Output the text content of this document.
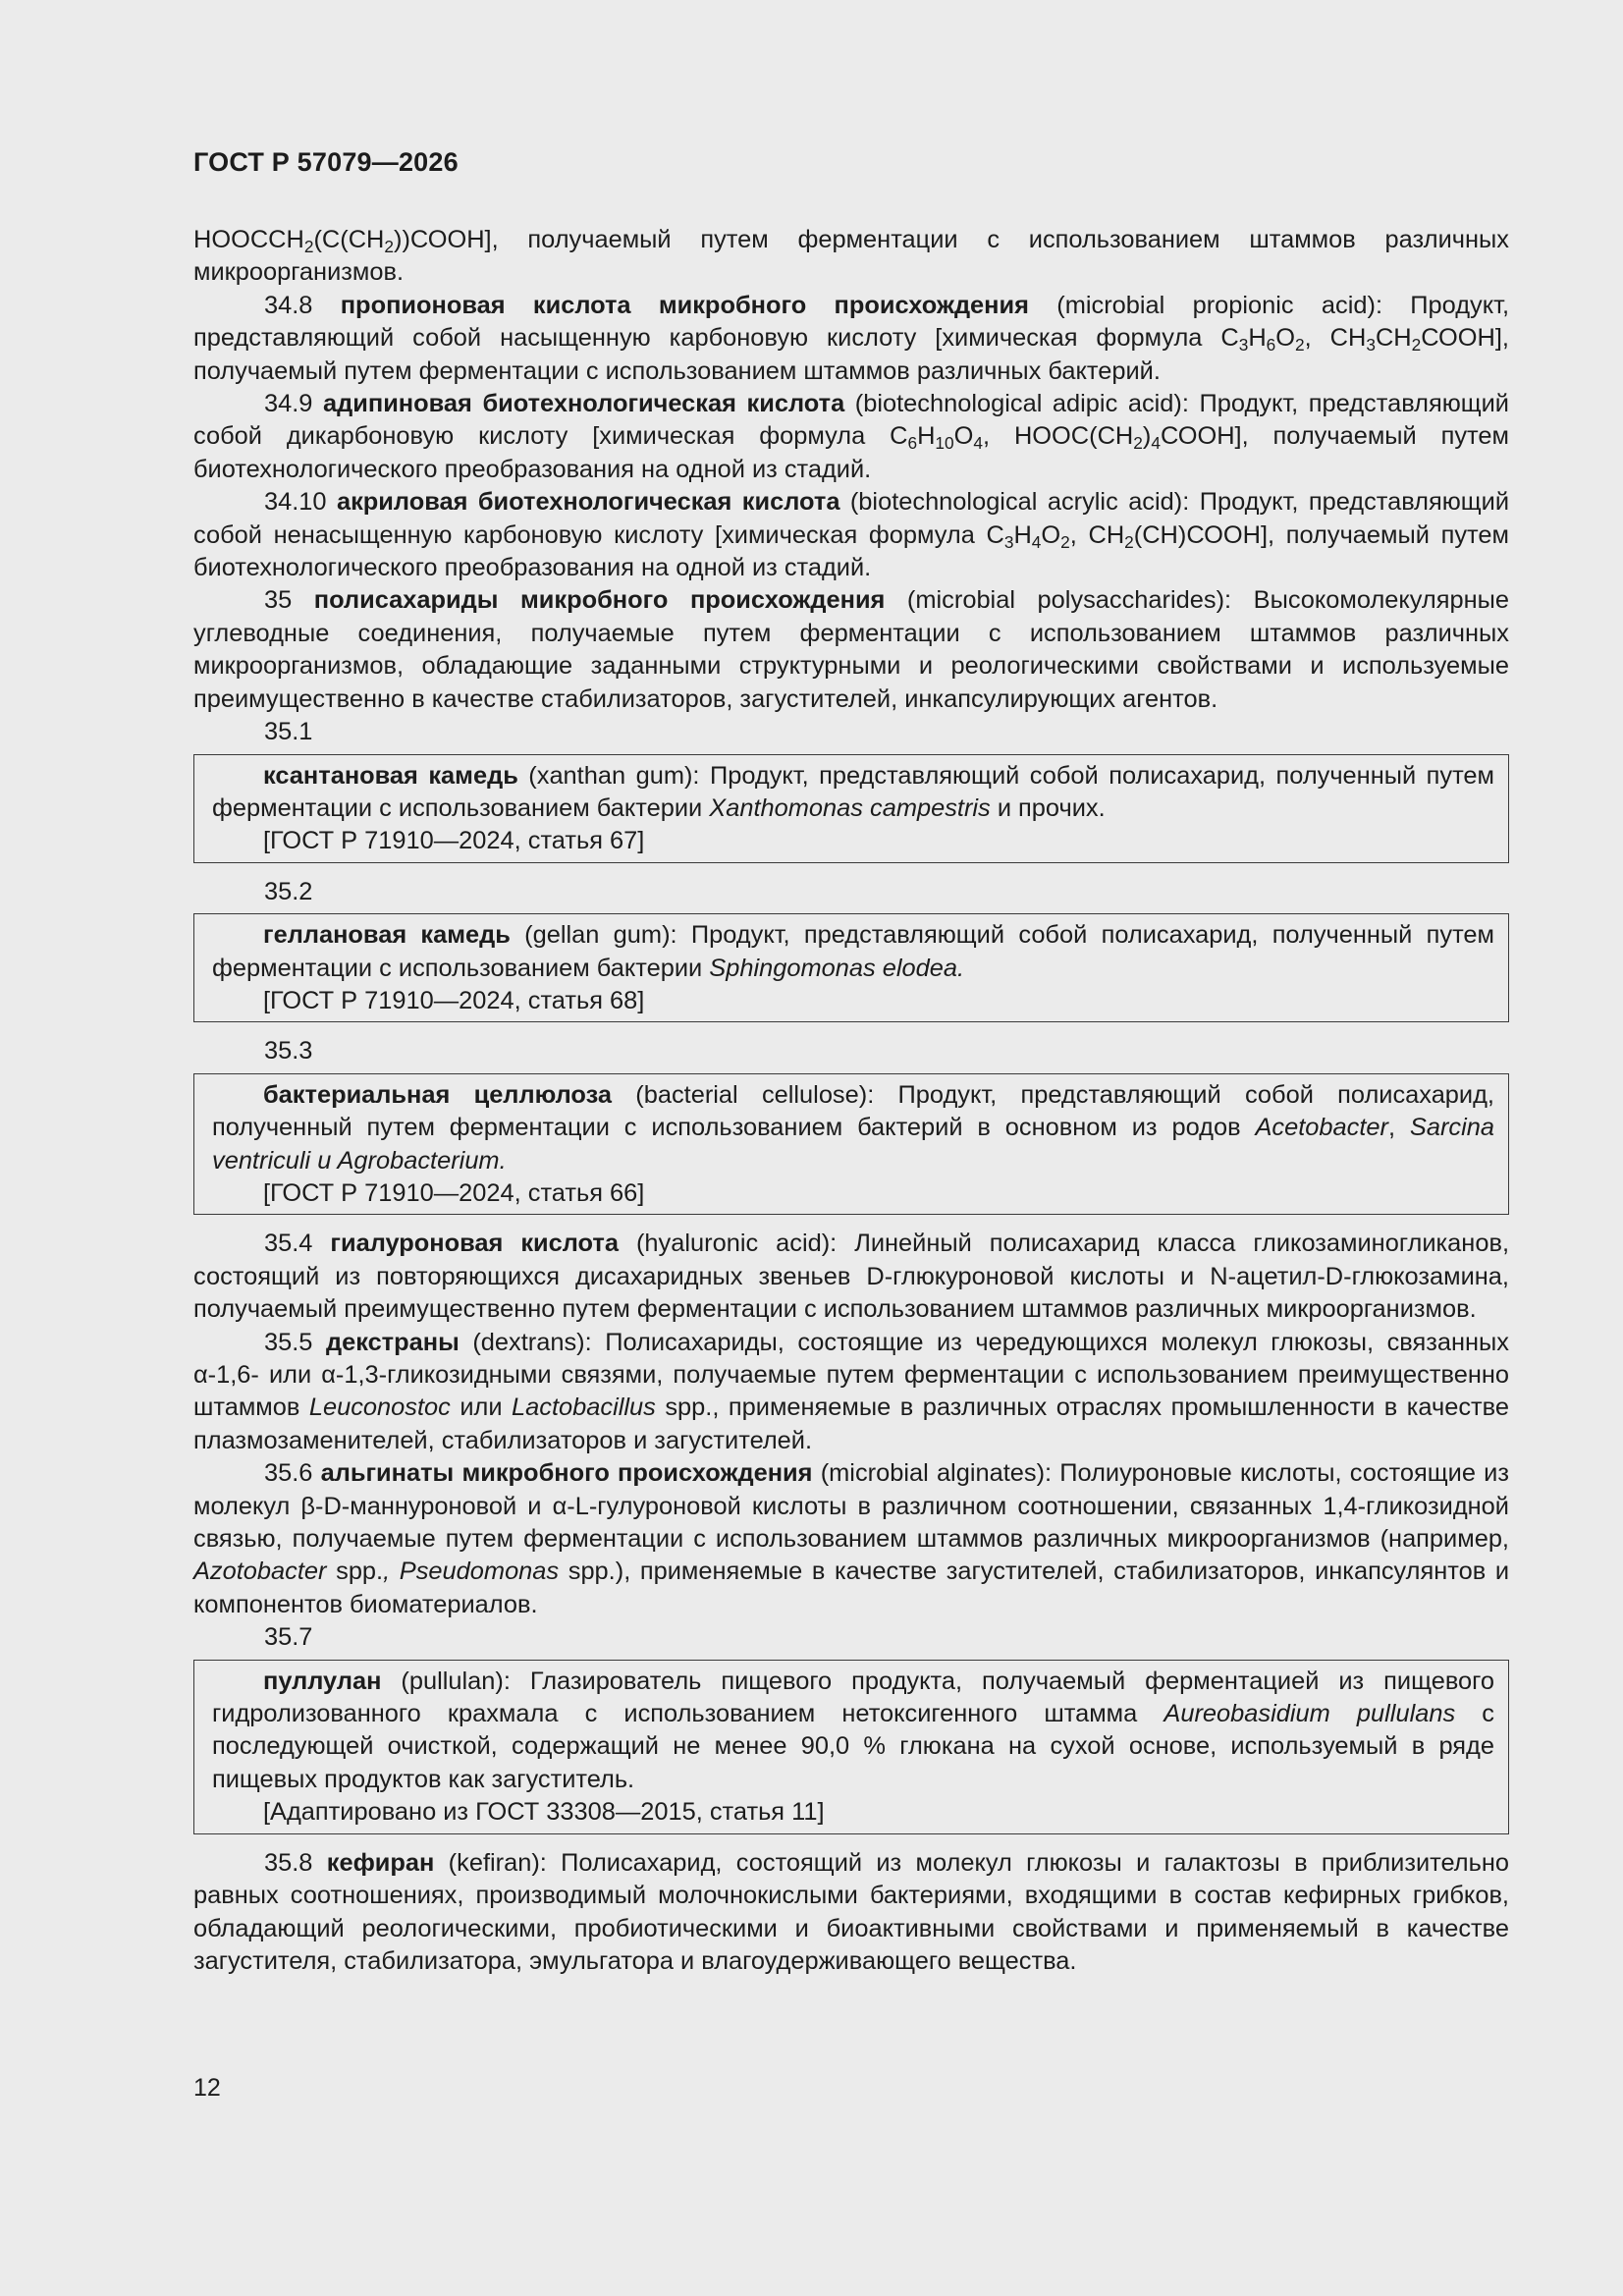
ГОСТ Р 57079—2026

$НООССН_2(С(СН_2))СООН$], получаемый путем ферментации с использованием штаммов различных микроорганизмов.

34.8 пропионовая кислота микробного происхождения (microbial propionic acid): Продукт, представляющий собой насыщенную карбоновую кислоту [химическая формула $С_3Н_6О_2$, $СН_3СН_2СООН$], получаемый путем ферментации с использованием штаммов различных бактерий.

34.9 адипиновая биотехнологическая кислота (biotechnological adipic acid): Продукт, представляющий собой дикарбоновую кислоту [химическая формула $С_6Н_{10}О_4$, $НООС(СН_2)_4СООН$], получаемый путем биотехнологического преобразования на одной из стадий.

34.10 акриловая биотехнологическая кислота (biotechnological acrylic acid): Продукт, представляющий собой ненасыщенную карбоновую кислоту [химическая формула $С_3Н_4О_2$, $СН_2(СН)СООН$], получаемый путем биотехнологического преобразования на одной из стадий.

35 полисахариды микробного происхождения (microbial polysaccharides): Высокомолекулярные углеводные соединения, получаемые путем ферментации с использованием штаммов различных микроорганизмов, обладающие заданными структурными и реологическими свойствами и используемые преимущественно в качестве стабилизаторов, загустителей, инкапсулирующих агентов.

35.1

ксантановая камедь (xanthan gum): Продукт, представляющий собой полисахарид, полученный путем ферментации с использованием бактерии Xanthomonas campestris и прочих.

[ГОСТ Р 71910—2024, статья 67]

35.2

геллановая камедь (gellan gum): Продукт, представляющий собой полисахарид, полученный путем ферментации с использованием бактерии Sphingomonas elodea.

[ГОСТ Р 71910—2024, статья 68]

35.3

бактериальная целлюлоза (bacterial cellulose): Продукт, представляющий собой полисахарид, полученный путем ферментации с использованием бактерий в основном из родов Acetobacter, Sarcina ventriculi u Agrobacterium.

[ГОСТ Р 71910—2024, статья 66]

35.4 гиалуроновая кислота (hyaluronic acid): Линейный полисахарид класса гликозаминогликанов, состоящий из повторяющихся дисахаридных звеньев D-глюкуроновой кислоты и N-ацетил-D-глюкозамина, получаемый преимущественно путем ферментации с использованием штаммов различных микроорганизмов.

35.5 декстраны (dextrans): Полисахариды, состоящие из чередующихся молекул глюкозы, связанных α-1,6- или α-1,3-гликозидными связями, получаемые путем ферментации с использованием преимущественно штаммов Leuconostoc или Lactobacillus spp., применяемые в различных отраслях промышленности в качестве плазмозаменителей, стабилизаторов и загустителей.

35.6 альгинаты микробного происхождения (microbial alginates): Полиуроновые кислоты, состоящие из молекул β-D-маннуроновой и α-L-гулуроновой кислоты в различном соотношении, связанных 1,4-гликозидной связью, получаемые путем ферментации с использованием штаммов различных микроорганизмов (например, Azotobacter spp., Pseudomonas spp.), применяемые в качестве загустителей, стабилизаторов, инкапсулянтов и компонентов биоматериалов.

35.7

пуллулан (pullulan): Глазирователь пищевого продукта, получаемый ферментацией из пищевого гидролизованного крахмала с использованием нетоксигенного штамма Aureobasidium pullulans с последующей очисткой, содержащий не менее 90,0 % глюкана на сухой основе, используемый в ряде пищевых продуктов как загуститель.

[Адаптировано из ГОСТ 33308—2015, статья 11]

35.8 кефиран (kefiran): Полисахарид, состоящий из молекул глюкозы и галактозы в приблизительно равных соотношениях, производимый молочнокислыми бактериями, входящими в состав кефирных грибков, обладающий реологическими, пробиотическими и биоактивными свойствами и применяемый в качестве загустителя, стабилизатора, эмульгатора и влагоудерживающего вещества.

12
